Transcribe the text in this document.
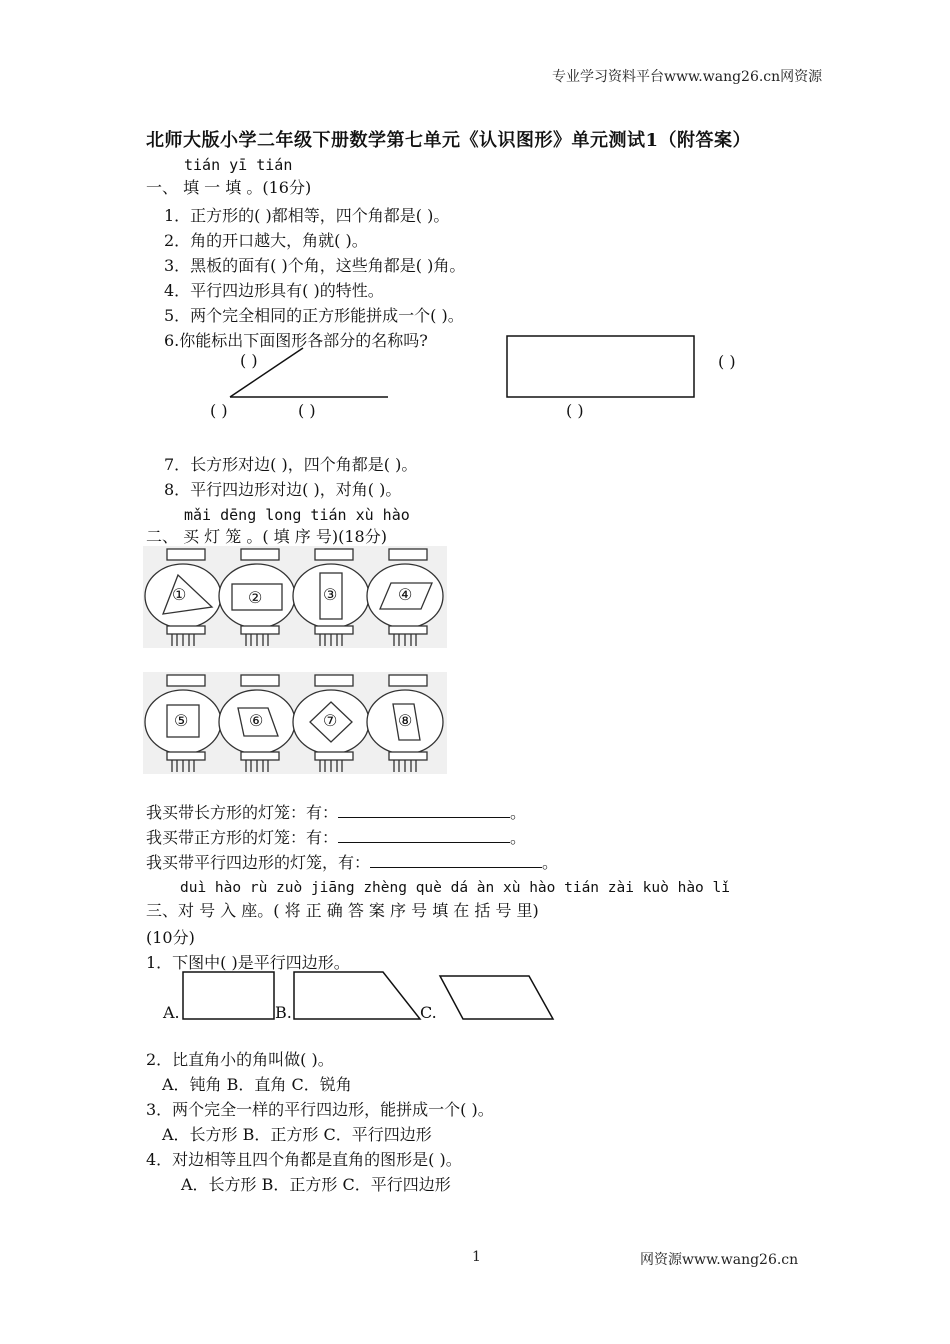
专业学习资料平台www.wang26.cn网资源
北师大版小学二年级下册数学第七单元《认识图形》单元测试1（附答案）
tián yī tián
一、 填 一 填 。(16分)
1．正方形的( )都相等，四个角都是( )。
2．角的开口越大，角就( )。
3．黑板的面有( )个角，这些角都是( )角。
4．平行四边形具有( )的特性。
5．两个完全相同的正方形能拼成一个( )。
6.你能标出下面图形各部分的名称吗?
( )
( )	( )
( )
( )
7．长方形对边( )，四个角都是( )。
8．平行四边形对边( )，对角( )。
mǎi dēng long tián xù hào
二、 买 灯 笼 。( 填 序 号)(18分)
①	②	③	④
⑤	⑥	⑦	⑧
我买带长方形的灯笼：有：	。
我买带正方形的灯笼：有：	。
我买带平行四边形的灯笼，有：	。
duì hào rù zuò jiāng zhèng què dá àn xù hào tián zài kuò hào lǐ
三、对 号 入 座。( 将 正 确 答 案 序 号 填 在 括 号 里)
(10分)
1．下图中( )是平行四边形。
A.	B.	C.
2．比直角小的角叫做( )。
A．钝角 B．直角 C．锐角
3．两个完全一样的平行四边形，能拼成一个( )。
A．长方形 B．正方形 C．平行四边形
4．对边相等且四个角都是直角的图形是( )。
A．长方形 B．正方形 C．平行四边形
1	网资源www.wang26.cn
